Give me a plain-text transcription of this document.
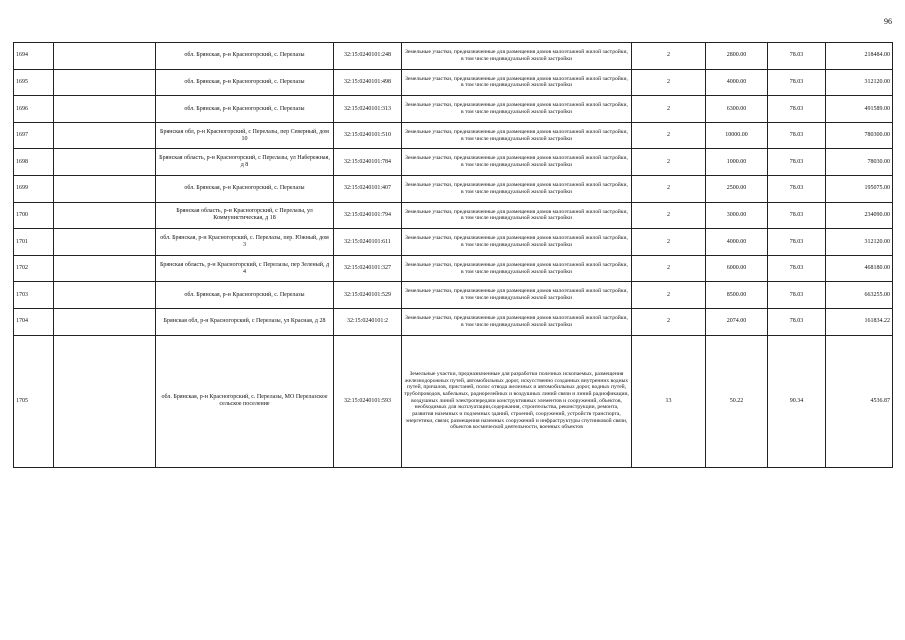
96
1694		обл. Брянская, р-н Красногорский, с. Перелазы	32:15:0240101:248	Земельные участки, предназначенные для размещения домов малоэтажной жилой застройки, в том числе индивидуальной жилой застройки	2	2800.00	78.03	218484.00
1695		обл. Брянская, р-н Красногорский, с. Перелазы	32:15:0240101:498	Земельные участки, предназначенные для размещения домов малоэтажной жилой застройки, в том числе индивидуальной жилой застройки	2	4000.00	78.03	312120.00
1696		обл. Брянская, р-н Красногорский, с. Перелазы	32:15:0240101:313	Земельные участки, предназначенные для размещения домов малоэтажной жилой застройки, в том числе индивидуальной жилой застройки	2	6300.00	78.03	491589.00
1697		Брянская обл, р-н Красногорский, с Перелазы, пер Северный, дом 10	32:15:0240101:510	Земельные участки, предназначенные для размещения домов малоэтажной жилой застройки, в том числе индивидуальной жилой застройки	2	10000.00	78.03	780300.00
1698		Брянская область, р-н Красногорский, с Перелазы, ул Набережная, д 8	32:15:0240101:784	Земельные участки, предназначенные для размещения домов малоэтажной жилой застройки, в том числе индивидуальной жилой застройки	2	1000.00	78.03	78030.00
1699		обл. Брянская, р-н Красногорский, с. Перелазы	32:15:0240101:407	Земельные участки, предназначенные для размещения домов малоэтажной жилой застройки, в том числе индивидуальной жилой застройки	2	2500.00	78.03	195075.00
1700		Брянская область, р-н Красногорский, с Перелазы, ул Коммунистическая, д 18	32:15:0240101:794	Земельные участки, предназначенные для размещения домов малоэтажной жилой застройки, в том числе индивидуальной жилой застройки	2	3000.00	78.03	234090.00
1701		обл. Брянская, р-н Красногорский, с. Перелазы, пер. Южный, дом 3	32:15:0240101:611	Земельные участки, предназначенные для размещения домов малоэтажной жилой застройки, в том числе индивидуальной жилой застройки	2	4000.00	78.03	312120.00
1702		Брянская область, р-н Красногорский, с Перелазы, пер Зеленый, д 4	32:15:0240101:327	Земельные участки, предназначенные для размещения домов малоэтажной жилой застройки, в том числе индивидуальной жилой застройки	2	6000.00	78.03	468180.00
1703		обл. Брянская, р-н Красногорский, с. Перелазы	32:15:0240101:529	Земельные участки, предназначенные для размещения домов малоэтажной жилой застройки, в том числе индивидуальной жилой застройки	2	8500.00	78.03	663255.00
1704		Брянская обл, р-н Красногорский, с Перелазы, ул Красная, д 28	32:15:0240101:2	Земельные участки, предназначенные для размещения домов малоэтажной жилой застройки, в том числе индивидуальной жилой застройки	2	2074.00	78.03	161834.22
1705		обл. Брянская, р-н Красногорский, с. Перелазы, МО Перелазское сельское поселение	32:15:0240101:593	Земельные участки, предназначенные для разработки полезных ископаемых, размещения железнодорожных путей, автомобильных дорог, искусственно созданных внутренних водных путей, причалов, пристаней, полос отвода железных и автомобильных дорог, водных путей, трубопроводов, кабельных, радиорелейных и воздушных линий связи и линий радиофикации, воздушных линий электропередачи конструктивных элементов и сооружений, объектов, необходимых для эксплуатации,содержания, строительства, реконструкции, ремонта, развития наземных и подземных зданий, строений, сооружений, устройств транспорта, энергетики, связи; размещения наземных сооружений и инфраструктуры спутниковой связи, объектов космической деятельности, военных объектов	13	50.22	90.34	4536.87
